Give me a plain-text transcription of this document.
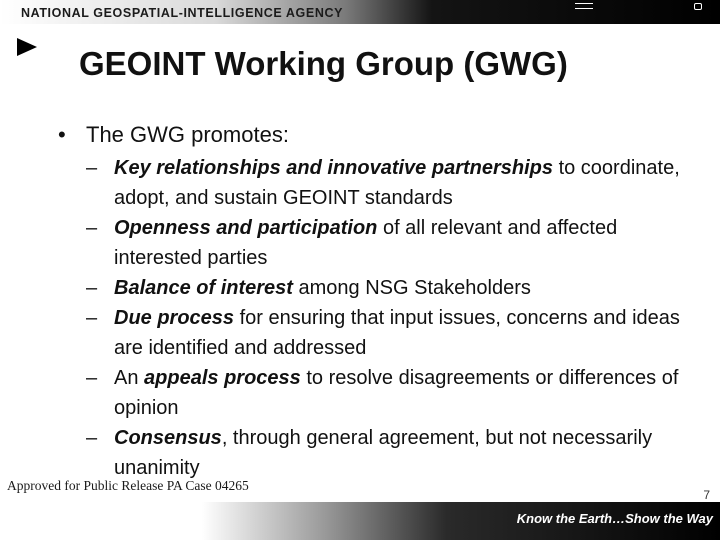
NATIONAL GEOSPATIAL-INTELLIGENCE AGENCY
GEOINT Working Group (GWG)
• The GWG promotes:
– Key relationships and innovative partnerships to coordinate, adopt, and sustain GEOINT standards
– Openness and participation of all relevant and affected interested parties
– Balance of interest among NSG Stakeholders
– Due process for ensuring that input issues, concerns and ideas are identified and addressed
– An appeals process to resolve disagreements or differences of opinion
– Consensus, through general agreement, but not necessarily unanimity
7
Approved for Public Release PA Case 04265
Know the Earth…Show the Way
